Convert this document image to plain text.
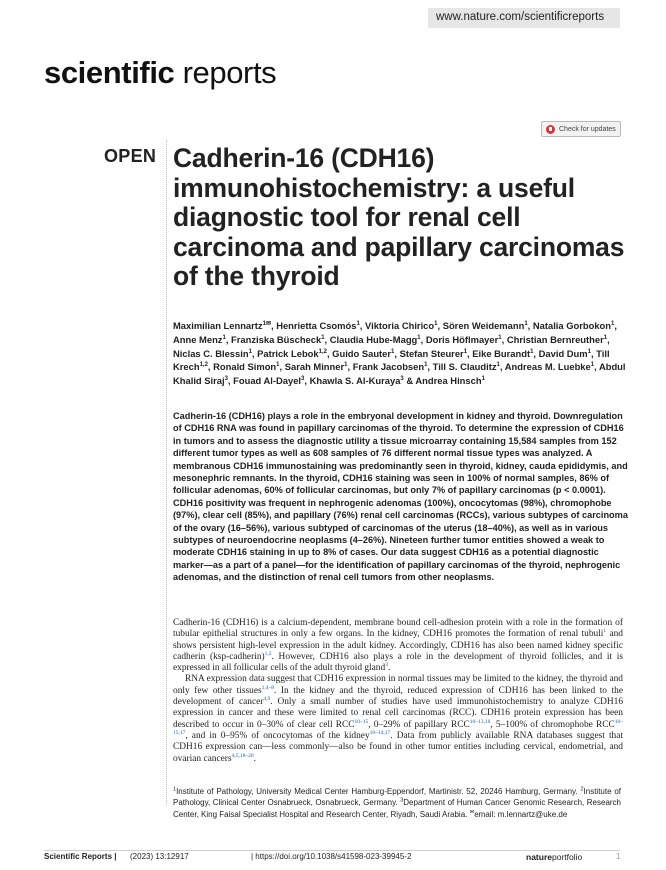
www.nature.com/scientificreports
scientific reports
Check for updates
OPEN Cadherin-16 (CDH16) immunohistochemistry: a useful diagnostic tool for renal cell carcinoma and papillary carcinomas of the thyroid
Maximilian Lennartz$^{1✉}$, Henrietta Csomós$^1$, Viktoria Chirico$^1$, Sören Weidemann$^1$, Natalia Gorbokon$^1$, Anne Menz$^1$, Franziska Büscheck$^1$, Claudia Hube-Magg$^1$, Doris Höflmayer$^1$, Christian Bernreuther$^1$, Niclas C. Blessin$^1$, Patrick Lebok$^{1,2}$, Guido Sauter$^1$, Stefan Steurer$^1$, Eike Burandt$^1$, David Dum$^1$, Till Krech$^{1,2}$, Ronald Simon$^1$, Sarah Minner$^1$, Frank Jacobsen$^1$, Till S. Clauditz$^1$, Andreas M. Luebke$^1$, Abdul Khalid Siraj$^3$, Fouad Al-Dayel$^3$, Khawla S. Al-Kuraya$^3$ & Andrea Hinsch$^1$
Cadherin-16 (CDH16) plays a role in the embryonal development in kidney and thyroid. Downregulation of CDH16 RNA was found in papillary carcinomas of the thyroid. To determine the expression of CDH16 in tumors and to assess the diagnostic utility a tissue microarray containing 15,584 samples from 152 different tumor types as well as 608 samples of 76 different normal tissue types was analyzed. A membranous CDH16 immunostaining was predominantly seen in thyroid, kidney, cauda epididymis, and mesonephric remnants. In the thyroid, CDH16 staining was seen in 100% of normal samples, 86% of follicular adenomas, 60% of follicular carcinomas, but only 7% of papillary carcinomas (p < 0.0001). CDH16 positivity was frequent in nephrogenic adenomas (100%), oncocytomas (98%), chromophobe (97%), clear cell (85%), and papillary (76%) renal cell carcinomas (RCCs), various subtypes of carcinoma of the ovary (16–56%), various subtyped of carcinomas of the uterus (18–40%), as well as in various subtypes of neuroendocrine neoplasms (4–26%). Nineteen further tumor entities showed a weak to moderate CDH16 staining in up to 8% of cases. Our data suggest CDH16 as a potential diagnostic marker—as a part of a panel—for the identification of papillary carcinomas of the thyroid, nephrogenic adenomas, and the distinction of renal cell tumors from other neoplasms.

Cadherin-16 (CDH16) is a calcium-dependent, membrane bound cell-adhesion protein with a role in the formation of tubular epithelial structures in only a few organs. In the kidney, CDH16 promotes the formation of renal tubuli$^1$ and shows persistent high-level expression in the adult kidney. Accordingly, CDH16 has also been named kidney specific cadherin (ksp-cadherin)$^{1,2}$. However, CDH16 also plays a role in the development of thyroid follicles, and it is expressed in all follicular cells of the adult thyroid gland$^3$.

RNA expression data suggest that CDH16 expression in normal tissues may be limited to the kidney, the thyroid and only few other tissues$^{1,4-8}$. In the kidney and the thyroid, reduced expression of CDH16 has been linked to the development of cancer$^{4,9}$. Only a small number of studies have used immunohistochemistry to analyze CDH16 expression in cancer and these were limited to renal cell carcinomas (RCC). CDH16 protein expression has been described to occur in 0–30% of clear cell RCC$^{10-15}$, 0–29% of papillary RCC$^{10-13,16}$, 5–100% of chromophobe RCC$^{10-15,17}$, and in 0–95% of oncocytomas of the kidney$^{10-14,17}$. Data from publicly available RNA databases suggest that CDH16 expression can—less commonly—also be found in other tumor entities including cervical, endometrial, and ovarian cancers$^{4,5,18-20}$.

$^1$Institute of Pathology, University Medical Center Hamburg-Eppendorf, Martinistr. 52, 20246 Hamburg, Germany. $^2$Institute of Pathology, Clinical Center Osnabrueck, Osnabrueck, Germany. $^3$Department of Human Cancer Genomic Research, Research Center, King Faisal Specialist Hospital and Research Center, Riyadh, Saudi Arabia. ✉email: m.lennartz@uke.de
Scientific Reports | (2023) 13:12917	| https://doi.org/10.1038/s41598-023-39945-2	natureportfolio	1
